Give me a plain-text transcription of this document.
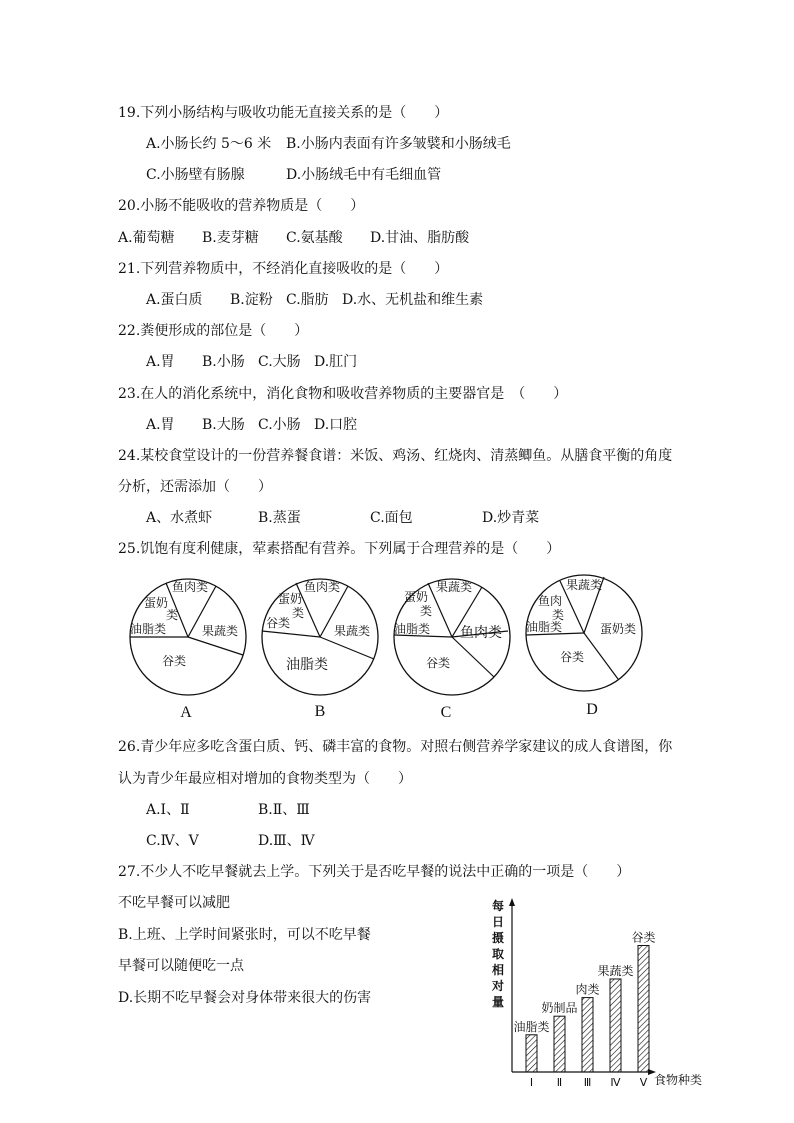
19.下列小肠结构与吸收功能无直接关系的是（　　）
A.小肠长约 5～6 米 B.小肠内表面有许多皱襞和小肠绒毛
C.小肠壁有肠腺	D.小肠绒毛中有毛细血管
20.小肠不能吸收的营养物质是（　　）
A.葡萄糖 B.麦芽糖 C.氨基酸 D.甘油、脂肪酸
21.下列营养物质中，不经消化直接吸收的是（　　）
A.蛋白质 B.淀粉 C.脂肪 D.水、无机盐和维生素
22.粪便形成的部位是（　　）
A.胃 B.小肠 C.大肠 D.肛门
23.在人的消化系统中，消化食物和吸收营养物质的主要器官是　（　　）
A.胃 B.大肠 C.小肠 D.口腔
24.某校食堂设计的一份营养餐食谱：米饭、鸡汤、红烧肉、清蒸鲫鱼。从膳食平衡的角度
分析，还需添加（　　）
A、水煮虾	B.蒸蛋	C.面包	D.炒青菜
25.饥饱有度利健康，荤素搭配有营养。下列属于合理营养的是（　　）
鱼肉类
蛋奶
类
油脂类	果蔬类
谷类
A
鱼肉类
蛋奶
类
谷类
果蔬类
油脂类
B
果蔬类
蛋奶
类
油脂类 鱼肉类
谷类
C
果蔬类
鱼肉
类
油脂类	蛋奶类
谷类
D
26.青少年应多吃含蛋白质、钙、磷丰富的食物。对照右侧营养学家建议的成人食谱图，你
认为青少年最应相对增加的食物类型为（　　）
A.Ⅰ、Ⅱ	B.Ⅱ、Ⅲ
C.Ⅳ、Ⅴ	D.Ⅲ、Ⅳ
27.不少人不吃早餐就去上学。下列关于是否吃早餐的说法中正确的一项是（　　）
不吃早餐可以减肥
B.上班、上学时间紧张时，可以不吃早餐
早餐可以随便吃一点
D.长期不吃早餐会对身体带来很大的伤害
每
日
摄
取
相
对
量
食物种类
油脂类
Ⅰ
奶制品
Ⅱ
肉类
Ⅲ
果蔬类
Ⅳ
谷类
Ⅴ
